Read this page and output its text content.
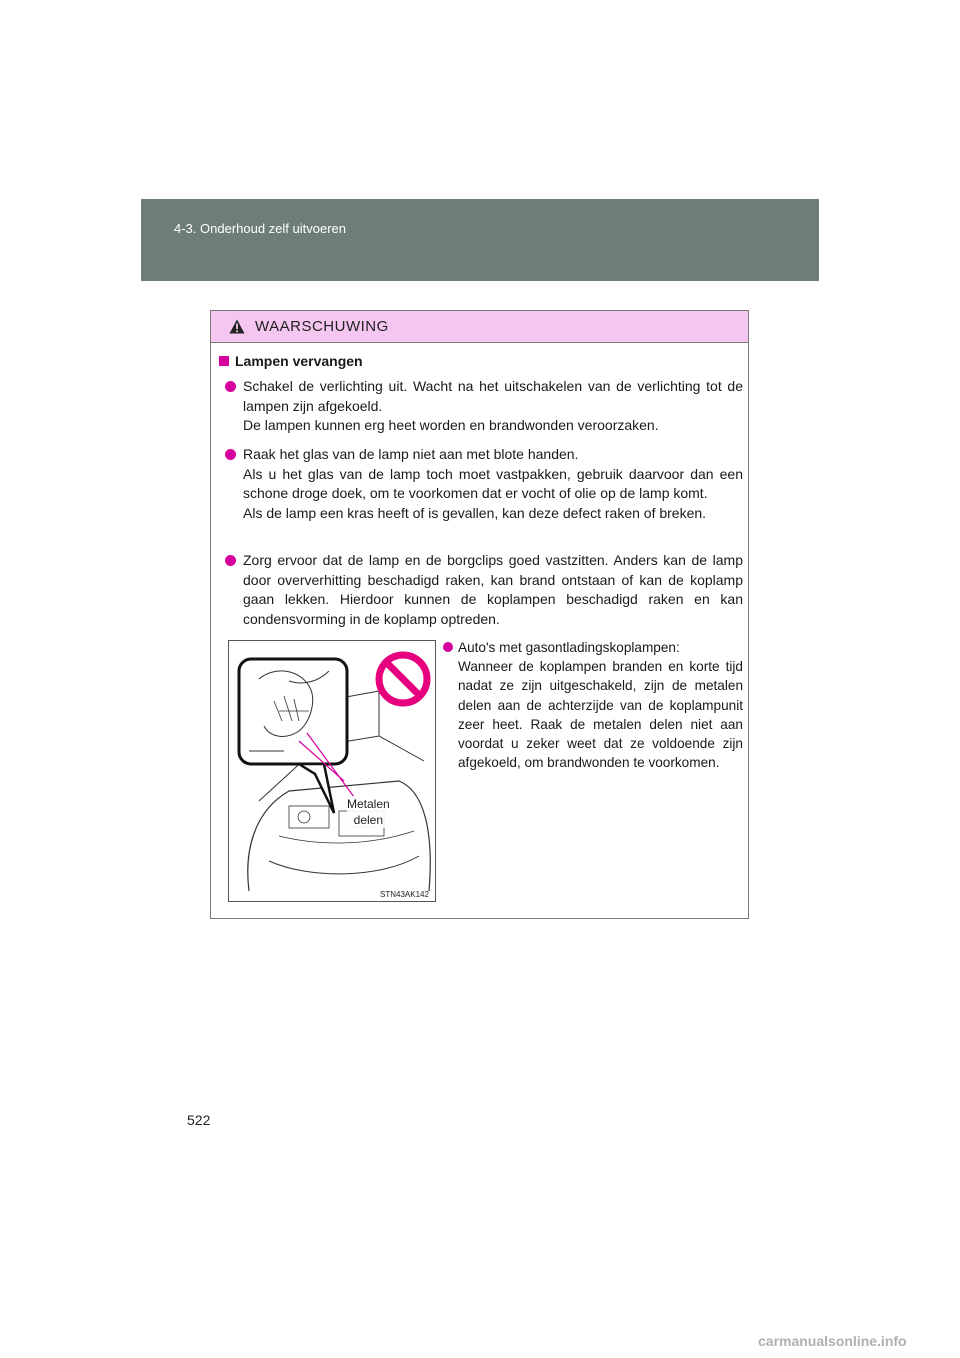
4-3. Onderhoud zelf uitvoeren
WAARSCHUWING
Lampen vervangen
Schakel de verlichting uit. Wacht na het uitschakelen van de verlichting tot de lampen zijn afgekoeld.
De lampen kunnen erg heet worden en brandwonden veroorzaken.
Raak het glas van de lamp niet aan met blote handen.
Als u het glas van de lamp toch moet vastpakken, gebruik daarvoor dan een schone droge doek, om te voorkomen dat er vocht of olie op de lamp komt.
Als de lamp een kras heeft of is gevallen, kan deze defect raken of breken.
Zorg ervoor dat de lamp en de borgclips goed vastzitten. Anders kan de lamp door oververhitting beschadigd raken, kan brand ontstaan of kan de koplamp gaan lekken. Hierdoor kunnen de koplampen beschadigd raken en kan condensvorming in de koplamp optreden.
Metalen
delen
STN43AK142
Auto's met gasontladingskoplampen:
Wanneer de koplampen branden en korte tijd nadat ze zijn uitgeschakeld, zijn de metalen delen aan de achterzijde van de koplampunit zeer heet. Raak de metalen delen niet aan voordat u zeker weet dat ze voldoende zijn afgekoeld, om brandwonden te voorkomen.
522
carmanualsonline.info
